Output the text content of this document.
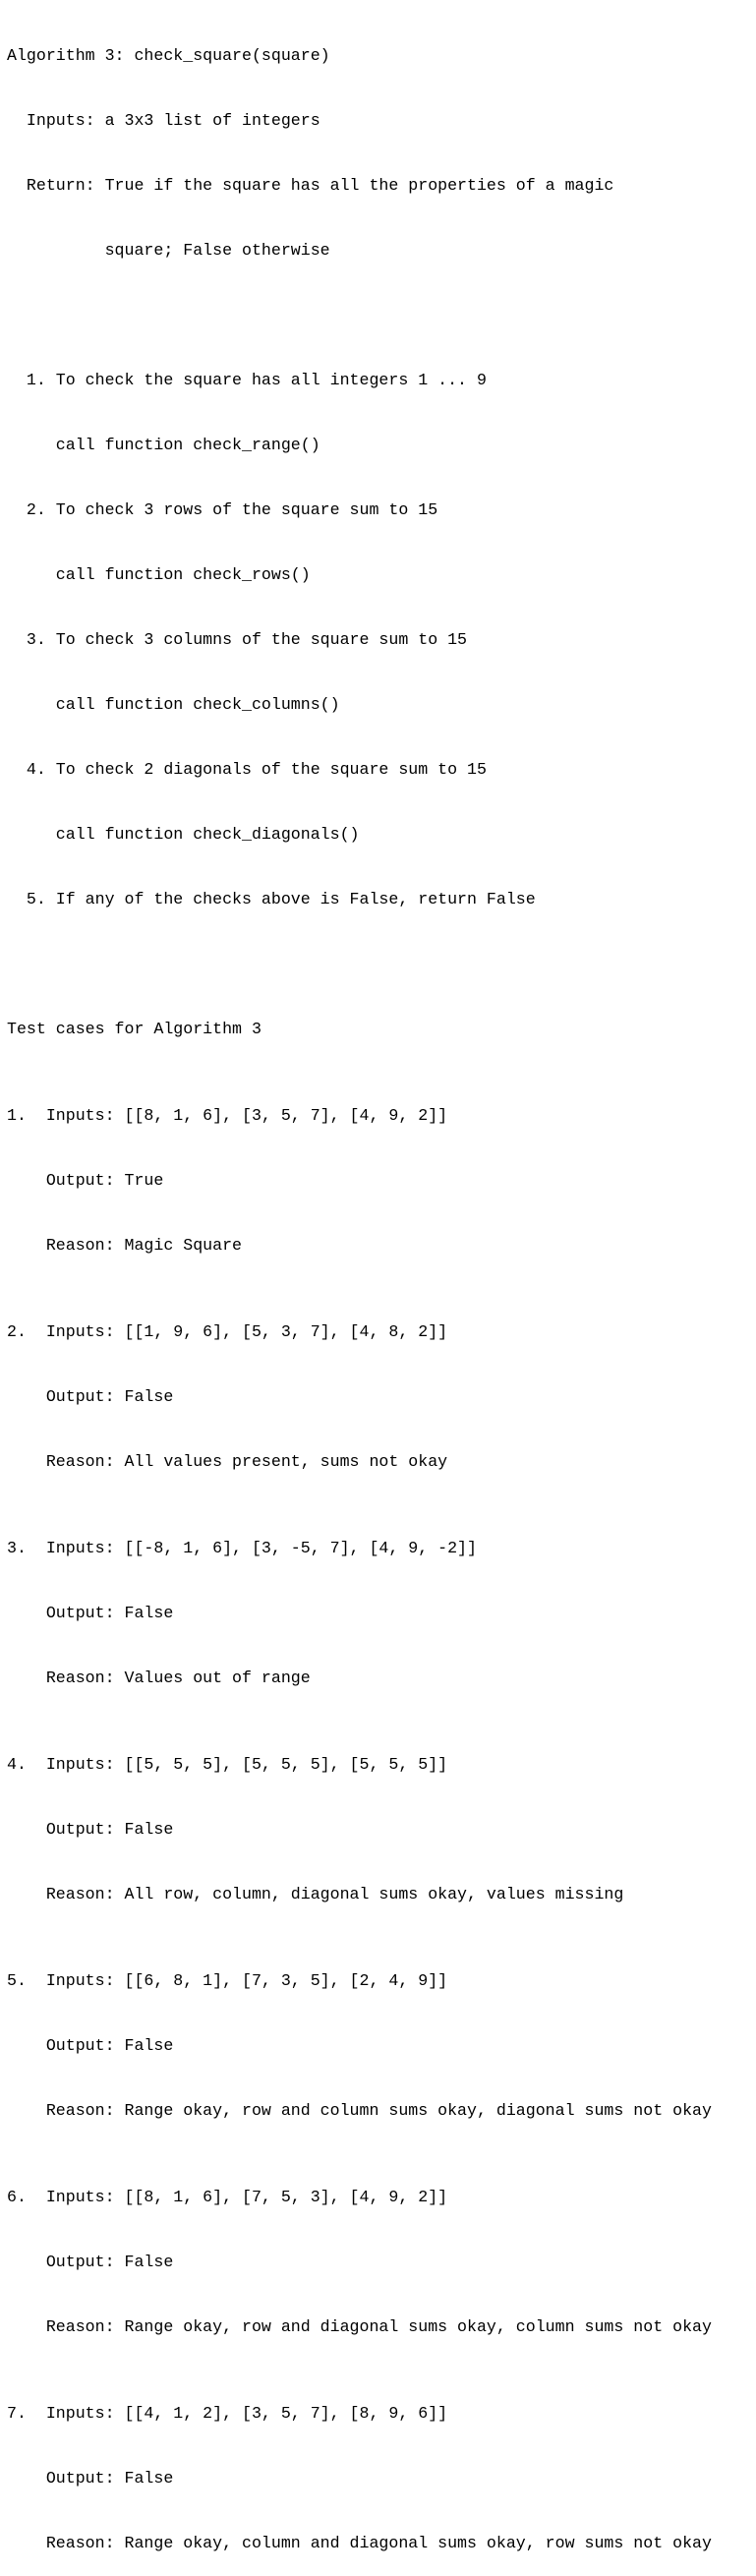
Algorithm 3: check_square(square)

Inputs: a 3x3 list of integers

Return: True if the square has all the properties of a magic

square; False otherwise

1. To check the square has all integers 1 ... 9

call function check_range()

2. To check 3 rows of the square sum to 15

call function check_rows()

3. To check 3 columns of the square sum to 15

call function check_columns()

4. To check 2 diagonals of the square sum to 15

call function check_diagonals()

5. If any of the checks above is False, return False

Test cases for Algorithm 3

1.  Inputs: [[8, 1, 6], [3, 5, 7], [4, 9, 2]]

Output: True

Reason: Magic Square

2.  Inputs: [[1, 9, 6], [5, 3, 7], [4, 8, 2]]

Output: False

Reason: All values present, sums not okay

3.  Inputs: [[-8, 1, 6], [3, -5, 7], [4, 9, -2]]

Output: False

Reason: Values out of range

4.  Inputs: [[5, 5, 5], [5, 5, 5], [5, 5, 5]]

Output: False

Reason: All row, column, diagonal sums okay, values missing

5.  Inputs: [[6, 8, 1], [7, 3, 5], [2, 4, 9]]

Output: False

Reason: Range okay, row and column sums okay, diagonal sums not okay

6.  Inputs: [[8, 1, 6], [7, 5, 3], [4, 9, 2]]

Output: False

Reason: Range okay, row and diagonal sums okay, column sums not okay

7.  Inputs: [[4, 1, 2], [3, 5, 7], [8, 9, 6]]

Output: False

Reason: Range okay, column and diagonal sums okay, row sums not okay
